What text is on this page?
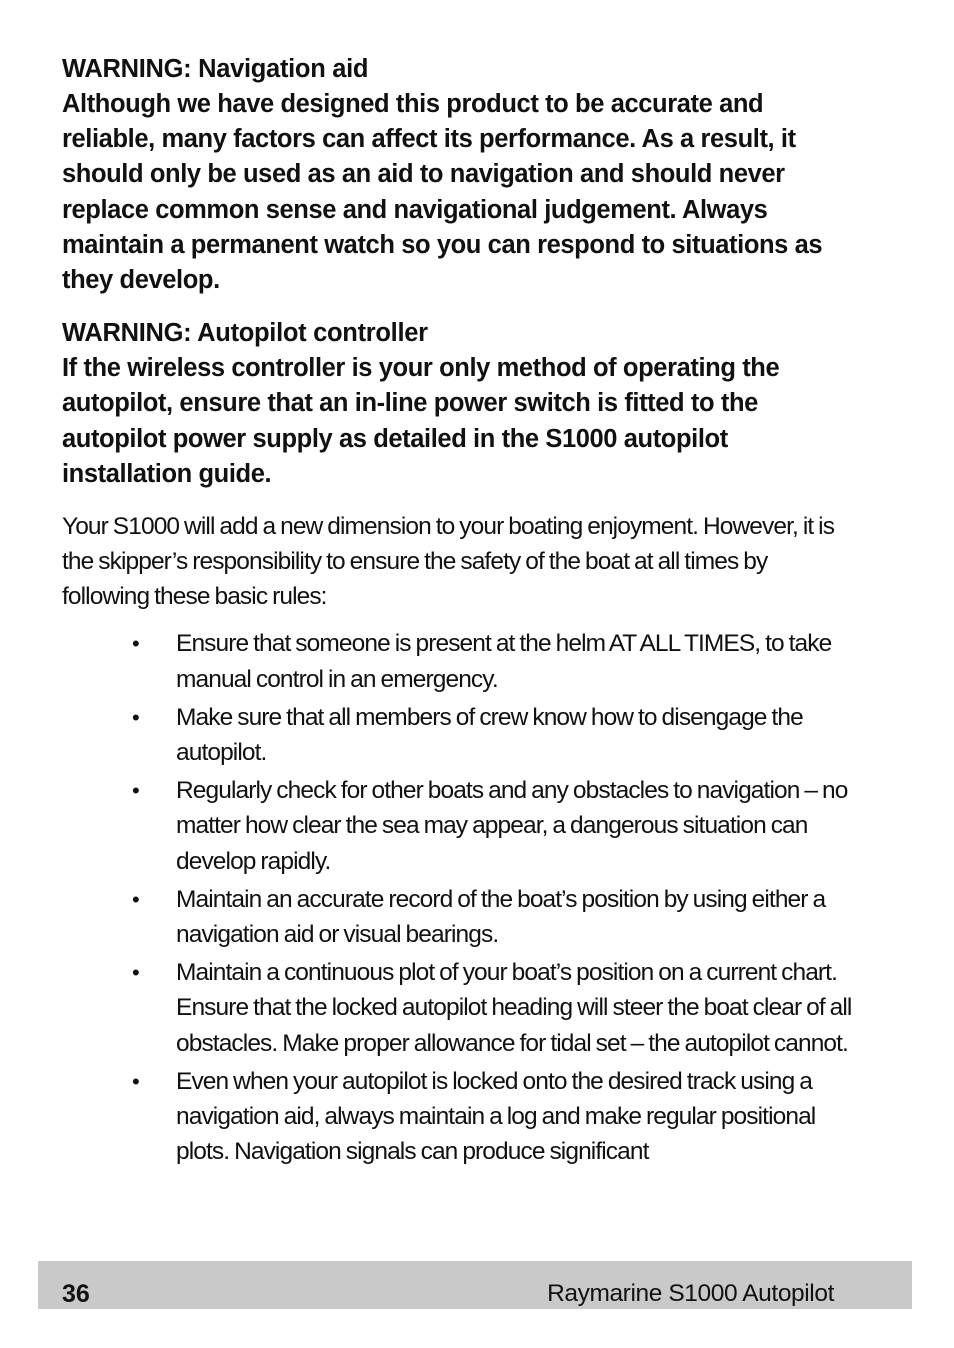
WARNING: Navigation aid
Although we have designed this product to be accurate and reliable, many factors can affect its performance. As a result, it should only be used as an aid to navigation and should never replace common sense and navigational judgement. Always maintain a permanent watch so you can respond to situations as they develop.
WARNING: Autopilot controller
If the wireless controller is your only method of operating the autopilot, ensure that an in-line power switch is fitted to the autopilot power supply as detailed in the S1000 autopilot installation guide.

Your S1000 will add a new dimension to your boating enjoyment. However, it is the skipper’s responsibility to ensure the safety of the boat at all times by following these basic rules:

• Ensure that someone is present at the helm AT ALL TIMES, to take manual control in an emergency.
• Make sure that all members of crew know how to disengage the autopilot.
• Regularly check for other boats and any obstacles to navigation – no matter how clear the sea may appear, a dangerous situation can develop rapidly.
• Maintain an accurate record of the boat’s position by using either a navigation aid or visual bearings.
• Maintain a continuous plot of your boat’s position on a current chart. Ensure that the locked autopilot heading will steer the boat clear of all obstacles. Make proper allowance for tidal set – the autopilot cannot.
• Even when your autopilot is locked onto the desired track using a navigation aid, always maintain a log and make regular positional plots. Navigation signals can produce significant
36	Raymarine S1000 Autopilot
